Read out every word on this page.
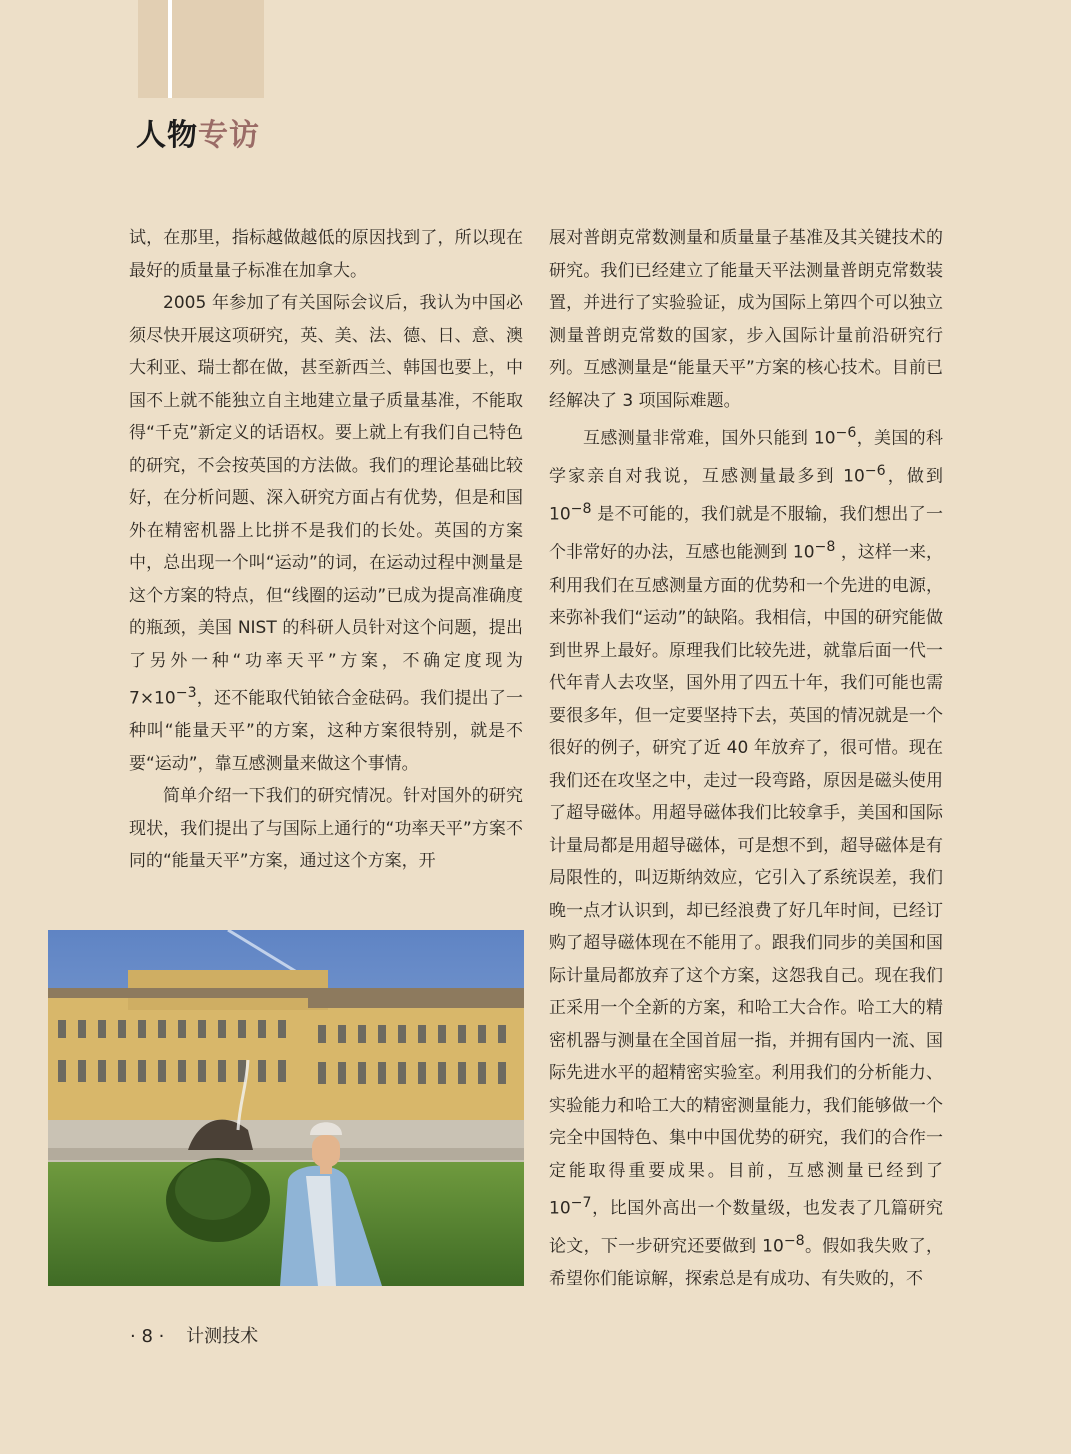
人物专访

试，在那里，指标越做越低的原因找到了，所以现在最好的质量量子标准在加拿大。

2005 年参加了有关国际会议后，我认为中国必须尽快开展这项研究，英、美、法、德、日、意、澳大利亚、瑞士都在做，甚至新西兰、韩国也要上，中国不上就不能独立自主地建立量子质量基准，不能取得“千克”新定义的话语权。要上就上有我们自己特色的研究，不会按英国的方法做。我们的理论基础比较好，在分析问题、深入研究方面占有优势，但是和国外在精密机器上比拼不是我们的长处。英国的方案中，总出现一个叫“运动”的词，在运动过程中测量是这个方案的特点，但“线圈的运动”已成为提高准确度的瓶颈，美国 NIST 的科研人员针对这个问题，提出了另外一种“功率天平”方案，不确定度现为 $7\times 10^{-3}$，还不能取代铂铱合金砝码。我们提出了一种叫“能量天平”的方案，这种方案很特别，就是不要“运动”，靠互感测量来做这个事情。

简单介绍一下我们的研究情况。针对国外的研究现状，我们提出了与国际上通行的“功率天平”方案不同的“能量天平”方案，通过这个方案，开

展对普朗克常数测量和质量量子基准及其关键技术的研究。我们已经建立了能量天平法测量普朗克常数装置，并进行了实验验证，成为国际上第四个可以独立测量普朗克常数的国家，步入国际计量前沿研究行列。互感测量是“能量天平”方案的核心技术。目前已经解决了 3 项国际难题。

互感测量非常难，国外只能到 $10^{-6}$，美国的科学家亲自对我说，互感测量最多到 $10^{-6}$，做到 $10^{-8}$ 是不可能的，我们就是不服输，我们想出了一个非常好的办法，互感也能测到 $10^{-8}$ ，这样一来，利用我们在互感测量方面的优势和一个先进的电源，来弥补我们“运动”的缺陷。我相信，中国的研究能做到世界上最好。原理我们比较先进，就靠后面一代一代年青人去攻坚，国外用了四五十年，我们可能也需要很多年，但一定要坚持下去，英国的情况就是一个很好的例子，研究了近 40 年放弃了，很可惜。现在我们还在攻坚之中，走过一段弯路，原因是磁头使用了超导磁体。用超导磁体我们比较拿手，美国和国际计量局都是用超导磁体，可是想不到，超导磁体是有局限性的，叫迈斯纳效应，它引入了系统误差，我们晚一点才认识到，却已经浪费了好几年时间，已经订购了超导磁体现在不能用了。跟我们同步的美国和国际计量局都放弃了这个方案，这怨我自己。现在我们正采用一个全新的方案，和哈工大合作。哈工大的精密机器与测量在全国首屈一指，并拥有国内一流、国际先进水平的超精密实验室。利用我们的分析能力、实验能力和哈工大的精密测量能力，我们能够做一个完全中国特色、集中中国优势的研究，我们的合作一定能取得重要成果。目前，互感测量已经到了 $10^{-7}$，比国外高出一个数量级，也发表了几篇研究论文，下一步研究还要做到 $10^{-8}$。假如我失败了，希望你们能谅解，探索总是有成功、有失败的，不

· 8 · 计测技术
